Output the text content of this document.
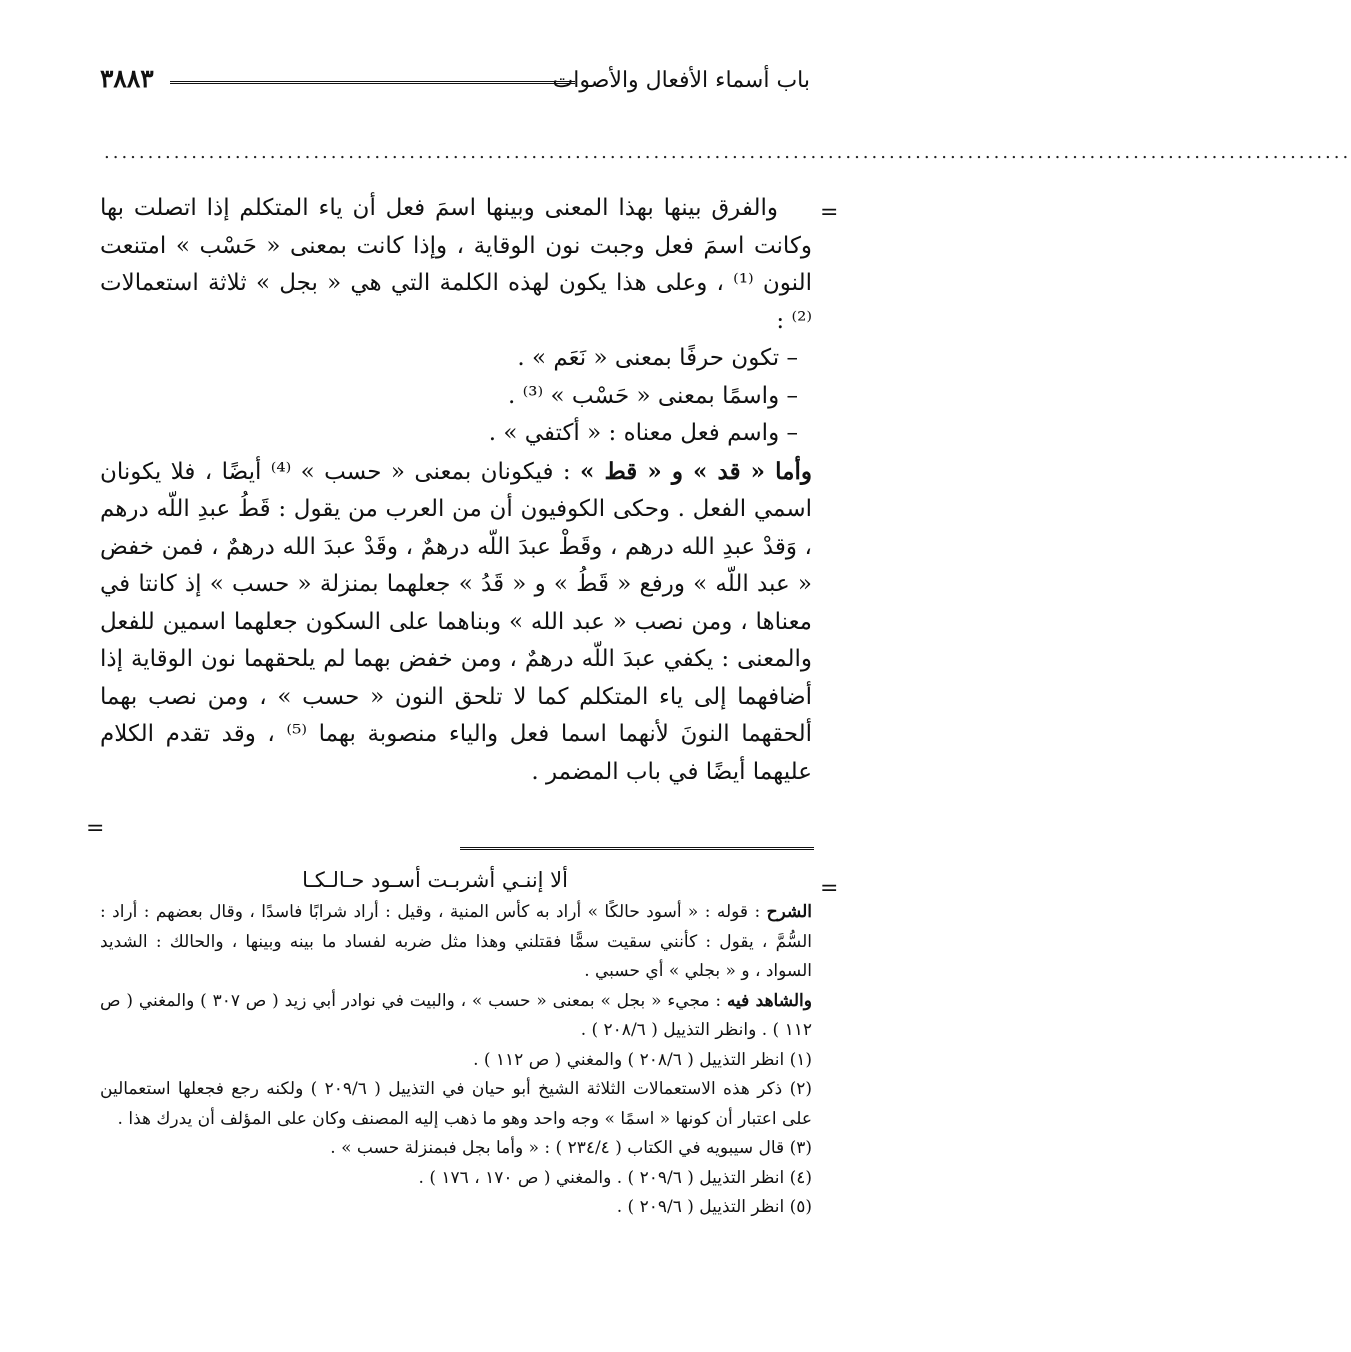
باب أسماء الأفعال والأصوات
٣٨٨٣
...............................................................................................................................................
=
=
=

والفرق بينها بهذا المعنى وبينها اسمَ فعل أن ياء المتكلم إذا اتصلت بها وكانت اسمَ فعل وجبت نون الوقاية ، وإذا كانت بمعنى « حَسْب » امتنعت النون ⁽¹⁾ ، وعلى هذا يكون لهذه الكلمة التي هي « بجل » ثلاثة استعمالات ⁽²⁾ :

– تكون حرفًا بمعنى « نَعَم » .

– واسمًا بمعنى « حَسْب » ⁽³⁾ .

– واسم فعل معناه : « أكتفي » .

وأما « قد » و « قط » : فيكونان بمعنى « حسب » ⁽⁴⁾ أيضًا ، فلا يكونان اسمي الفعل . وحكى الكوفيون أن من العرب من يقول : قَطُ عبدِ اللّه درهم ، وَقدْ عبدِ الله درهم ، وقَطْ عبدَ اللّه درهمٌ ، وقَدْ عبدَ الله درهمٌ ، فمن خفض « عبد اللّه » ورفع « قَطُ » و « قَدُ » جعلهما بمنزلة « حسب » إذ كانتا في معناها ، ومن نصب « عبد الله » وبناهما على السكون جعلهما اسمين للفعل والمعنى : يكفي عبدَ اللّه درهمٌ ، ومن خفض بهما لم يلحقهما نون الوقاية إذا أضافهما إلى ياء المتكلم كما لا تلحق النون « حسب » ، ومن نصب بهما ألحقهما النونَ لأنهما اسما فعل والياء منصوبة بهما ⁽⁵⁾ ، وقد تقدم الكلام عليهما أيضًا في باب المضمر .

ألا إننـي أشربـت أسـود حـالـكـا

الشرح : قوله : « أسود حالكًا » أراد به كأس المنية ، وقيل : أراد شرابًا فاسدًا ، وقال بعضهم : أراد : السُّمَّ ، يقول : كأنني سقيت سمًّا فقتلني وهذا مثل ضربه لفساد ما بينه وبينها ، والحالك : الشديد السواد ، و « بجلي » أي حسبي .

والشاهد فيه : مجيء « بجل » بمعنى « حسب » ، والبيت في نوادر أبي زيد ( ص ٣٠٧ ) والمغني ( ص ١١٢ ) . وانظر التذييل ( ٢٠٨/٦ ) .

(١) انظر التذييل ( ٢٠٨/٦ ) والمغني ( ص ١١٢ ) .

(٢) ذكر هذه الاستعمالات الثلاثة الشيخ أبو حيان في التذييل ( ٢٠٩/٦ ) ولكنه رجع فجعلها استعمالين على اعتبار أن كونها « اسمًا » وجه واحد وهو ما ذهب إليه المصنف وكان على المؤلف أن يدرك هذا .

(٣) قال سيبويه في الكتاب ( ٢٣٤/٤ ) : « وأما بجل فبمنزلة حسب » .

(٤) انظر التذييل ( ٢٠٩/٦ ) . والمغني ( ص ١٧٠ ، ١٧٦ ) .

(٥) انظر التذييل ( ٢٠٩/٦ ) .
